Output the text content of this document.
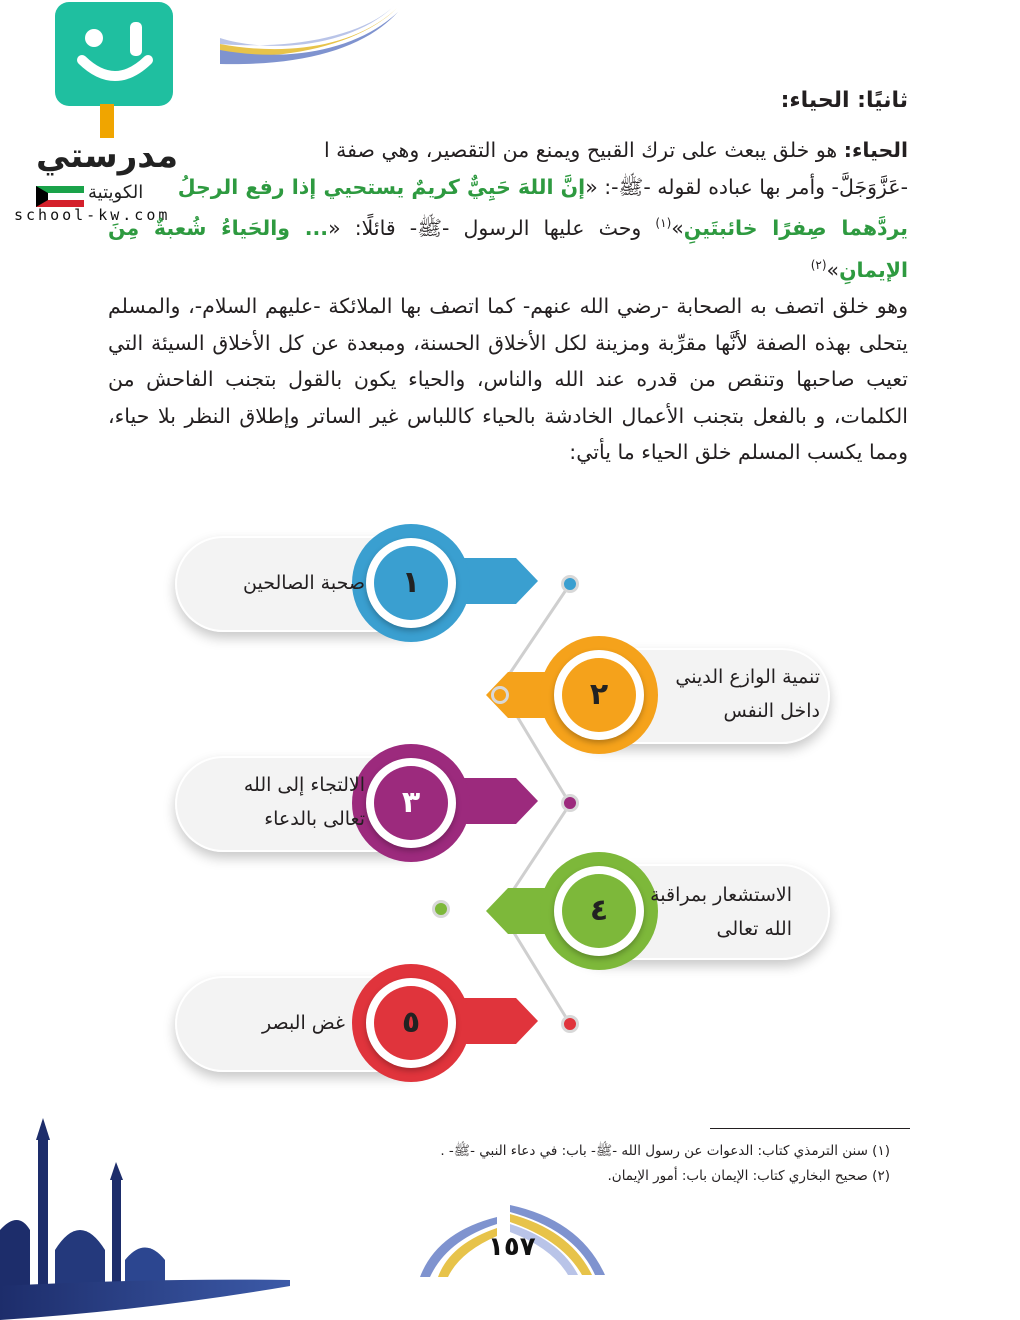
مدرستي
الكويتية
school-kw.com
ثانيًا: الحياء:

الحياء: هو خلق يبعث على ترك القبيح ويمنع من التقصير، وهي صفة ا

-عَزَّوَجَلَّ- وأمر بها عباده لقوله -ﷺ-: «إنَّ اللهَ حَيِيٌّ كريمٌ يستحيي إذا رفع الرجلُ

يردَّهما صِفرًا خائبتَينِ»$^{(١)}$ وحث عليها الرسول -ﷺ- قائلًا: «... والحَياءُ شُعبةٌ مِنَ الإيمانِ»$^{(٢)}$

وهو خلق اتصف به الصحابة -رضي الله عنهم- كما اتصف بها الملائكة -عليهم السلام-، والمسلم يتحلى بهذه الصفة لأنَّها مقرِّبة ومزينة لكل الأخلاق الحسنة، ومبعدة عن كل الأخلاق السيئة التي تعيب صاحبها وتنقص من قدره عند الله والناس، والحياء يكون بالقول بتجنب الفاحش من الكلمات، و بالفعل بتجنب الأعمال الخادشة بالحياء كاللباس غير الساتر وإطلاق النظر بلا حياء، ومما يكسب المسلم خلق الحياء ما يأتي:

١
صحبة الصالحين
٢	تنمية الوازع الديني
داخل النفس
٣
الالتجاء إلى الله
تعالى بالدعاء
٤	الاستشعار بمراقبة
الله تعالى
٥
غض البصر
(١) سنن الترمذي كتاب: الدعوات عن رسول الله -ﷺ- باب: في دعاء النبي -ﷺ- .
(٢) صحيح البخاري كتاب: الإيمان باب: أمور الإيمان.
١٥٧
